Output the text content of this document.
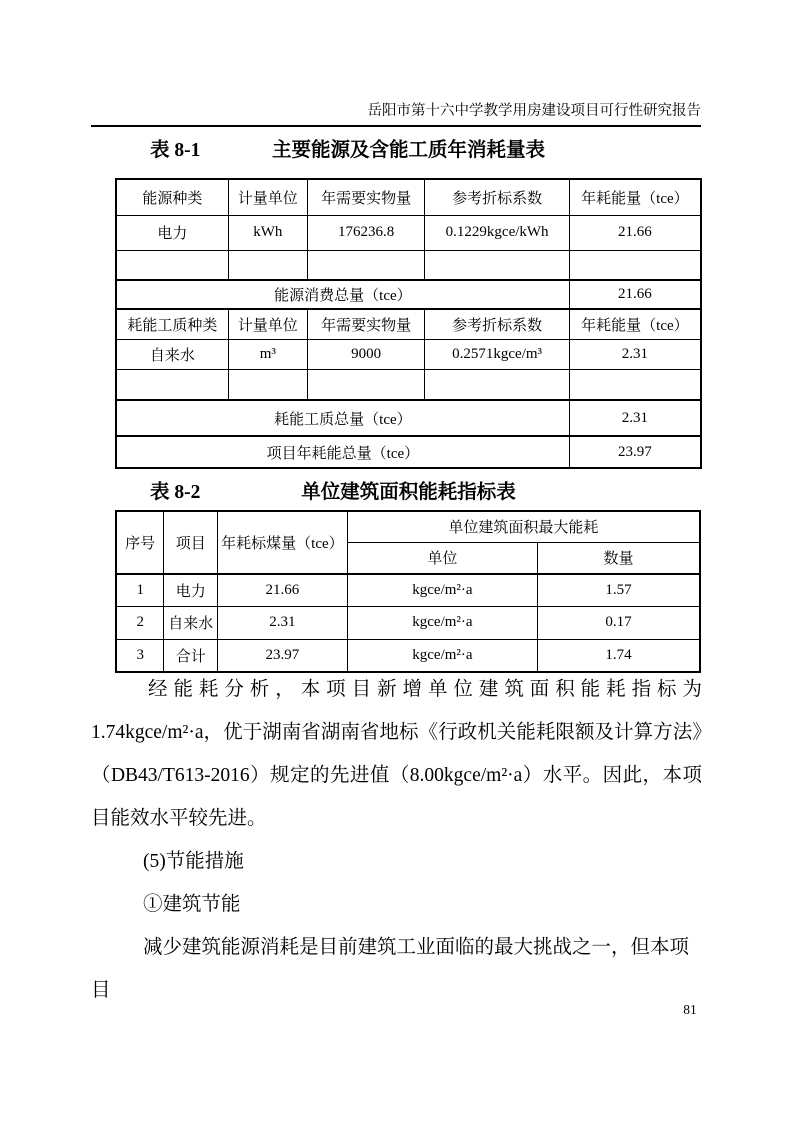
岳阳市第十六中学教学用房建设项目可行性研究报告
表 8-1	主要能源及含能工质年消耗量表
能源种类	计量单位	年需要实物量	参考折标系数	年耗能量（tce）
电力	kWh	176236.8	0.1229kgce/kWh	21.66

能源消费总量（tce）				21.66
耗能工质种类	计量单位	年需要实物量	参考折标系数	年耗能量（tce）
自来水	m³	9000	0.2571kgce/m³	2.31

耗能工质总量（tce）				2.31
项目年耗能总量（tce）				23.97
表 8-2	单位建筑面积能耗指标表
序号	项目	年耗标煤量（tce）	单位建筑面积最大能耗	
			单位	数量
1	电力	21.66	kgce/m²·a	1.57
2	自来水	2.31	kgce/m²·a	0.17
3	合计	23.97	kgce/m²·a	1.74

经能耗分析，本项目新增单位建筑面积能耗指标为 1.74kgce/m²·a，优于湖南省湖南省地标《行政机关能耗限额及计算方法》（DB43/T613-2016）规定的先进值（8.00kgce/m²·a）水平。因此，本项目能效水平较先进。

(5)节能措施

①建筑节能

减少建筑能源消耗是目前建筑工业面临的最大挑战之一，但本项目

81
